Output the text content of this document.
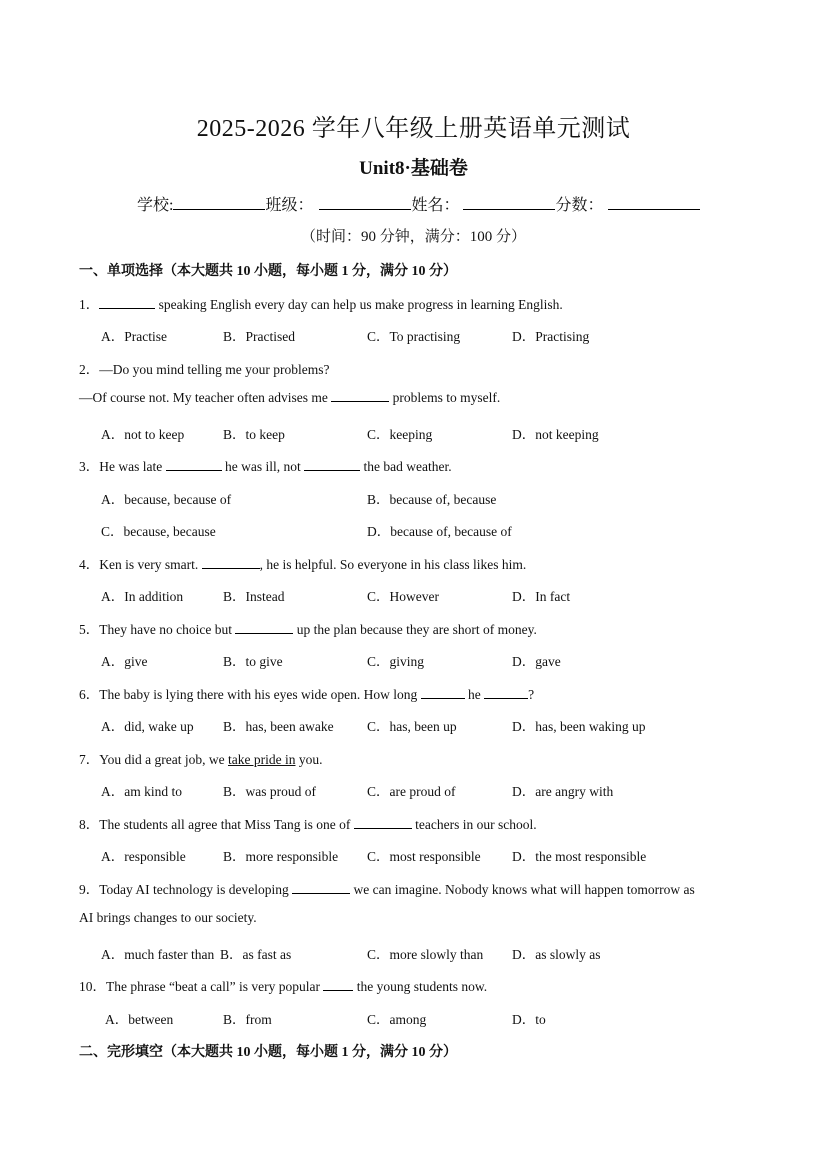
2025-2026 学年八年级上册英语单元测试
Unit8·基础卷
学校:	班级：	姓名：	分数：
（时间：90 分钟，满分：100 分）
一、单项选择（本大题共 10 小题，每小题 1 分，满分 10 分）
1．	speaking English every day can help us make progress in learning English.
A．Practise	B．Practised	C．To practising	D．Practising
2．—Do you mind telling me your problems?
—Of course not. My teacher often advises me	problems to myself.
A．not to keep	B．to keep	C．keeping	D．not keeping
3．He was late	he was ill, not	the bad weather.
A．because, because of	B．because of, because
C．because, because	D．because of, because of
4．Ken is very smart.	, he is helpful. So everyone in his class likes him.
A．In addition	B．Instead	C．However	D．In fact
5．They have no choice but	up the plan because they are short of money.
A．give	B．to give	C．giving	D．gave
6．The baby is lying there with his eyes wide open. How long	he	?
A．did, wake up B．has, been awake C．has, been up	D．has, been waking up
7．You did a great job, we take pride in you.
A．am kind to	B．was proud of	C．are proud of	D．are angry with
8．The students all agree that Miss Tang is one of	teachers in our school.
A．responsible	B．more responsible C．most responsible D．the most responsible
9．Today AI technology is developing	we can imagine. Nobody knows what will happen tomorrow as
AI brings changes to our society.
A．much faster than B．as fast as	C．more slowly than D．as slowly as
10．The phrase “beat a call” is very popular  the young students now.
A．between	B．from	C．among	D．to
二、完形填空（本大题共 10 小题，每小题 1 分，满分 10 分）
